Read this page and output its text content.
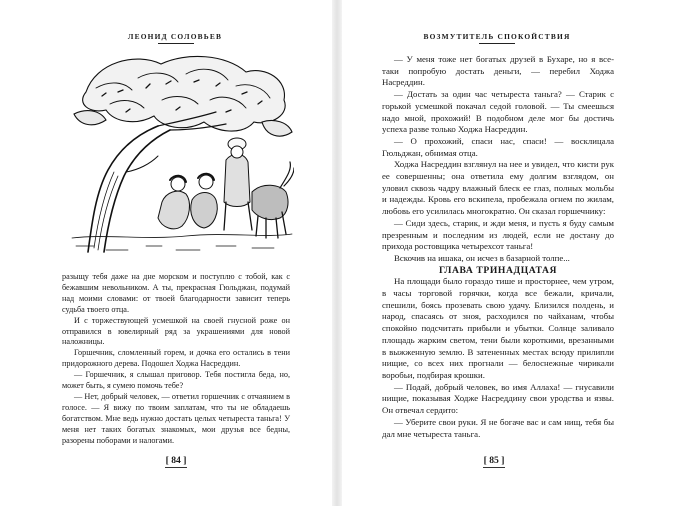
ЛЕОНИД СОЛОВЬЕВ

разыщу тебя даже на дне морском и поступлю с тобой, как с бежавшим невольником. А ты, прекрасная Гюльджан, подумай над моими словами: от твоей благодарности зависит теперь судьба твоего отца.

И с торжествующей усмешкой на своей гнусной роже он отправился в ювелирный ряд за украшениями для новой наложницы.

Горшечник, сломленный горем, и дочка его остались в тени придорожного дерева. Подошел Ходжа Насреддин.

— Горшечник, я слышал приговор. Тебя постигла беда, но, может быть, я сумею помочь тебе?

— Нет, добрый человек, — ответил горшечник с отчаянием в голосе. — Я вижу по твоим заплатам, что ты не обладаешь богатством. Мне ведь нужно достать целых четыреста таньга! У меня нет таких богатых знакомых, мои друзья все бедны, разорены поборами и налогами.

[ 84 ]
ВОЗМУТИТЕЛЬ СПОКОЙСТВИЯ

— У меня тоже нет богатых друзей в Бухаре, но я все-таки попробую достать деньги, — перебил Ходжа Насреддин.

— Достать за один час четыреста таньга? — Старик с горькой усмешкой покачал седой головой. — Ты смеешься надо мной, прохожий! В подобном деле мог бы достичь успеха разве только Ходжа Насреддин.

— О прохожий, спаси нас, спаси! — восклицала Гюльджан, обнимая отца.

Ходжа Насреддин взглянул на нее и увидел, что кисти рук ее совершенны; она ответила ему долгим взглядом, он уловил сквозь чадру влажный блеск ее глаз, полных мольбы и надежды. Кровь его вскипела, пробежала огнем по жилам, любовь его усилилась многократно. Он сказал горшечнику:

— Сиди здесь, старик, и жди меня, и пусть я буду самым презренным и последним из людей, если не достану до прихода ростовщика четырехсот таньга!

Вскочив на ишака, он исчез в базарной толпе...

ГЛАВА ТРИНАДЦАТАЯ

На площади было гораздо тише и просторнее, чем утром, в часы торговой горячки, когда все бежали, кричали, спешили, боясь прозевать свою удачу. Близился полдень, и народ, спасаясь от зноя, расходился по чайханам, чтобы спокойно подсчитать прибыли и убытки. Солнце заливало площадь жарким светом, тени были короткими, врезанными в выжженную землю. В затененных местах всюду прилипли нищие, со всех них прогнали — белоснежные чирикали воробьи, подбирая крошки.

— Подай, добрый человек, во имя Аллаха! — гнусавили нищие, показывая Ходже Насреддину свои уродства и язвы. Он отвечал сердито:

— Уберите свои руки. Я не богаче вас и сам нищ, тебя бы дал мне четыреста таньга.

[ 85 ]
